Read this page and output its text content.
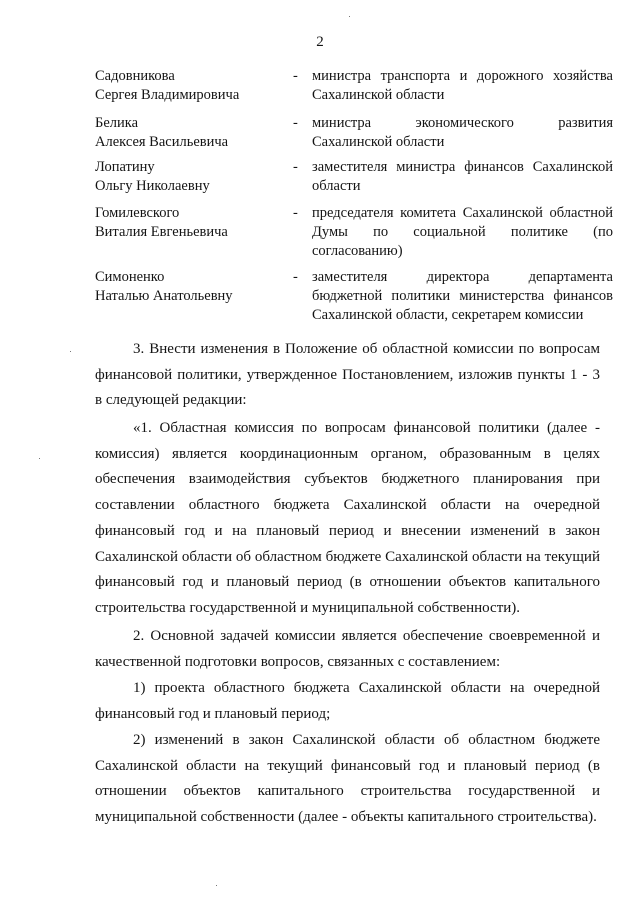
2
Садовникова
Сергея Владимировича
- министра транспорта и дорожного хозяйства Сахалинской области
Белика
Алексея Васильевича
- министра экономического развития Сахалинской области
Лопатину
Ольгу Николаевну
- заместителя министра финансов Сахалинской области
Гомилевского
Виталия Евгеньевича
- председателя комитета Сахалинской областной Думы по социальной политике (по согласованию)
Симоненко
Наталью Анатольевну
- заместителя директора департамента бюджетной политики министерства финансов Сахалинской области, секретарем комиссии

3. Внести изменения в Положение об областной комиссии по вопросам финансовой политики, утвержденное Постановлением, изложив пункты 1 - 3 в следующей редакции:

«1. Областная комиссия по вопросам финансовой политики (далее - комиссия) является координационным органом, образованным в целях обеспечения взаимодействия субъектов бюджетного планирования при составлении областного бюджета Сахалинской области на очередной финансовый год и на плановый период и внесении изменений в закон Сахалинской области об областном бюджете Сахалинской области на текущий финансовый год и плановый период (в отношении объектов капитального строительства государственной и муниципальной собственности).

2. Основной задачей комиссии является обеспечение своевременной и качественной подготовки вопросов, связанных с составлением:

1) проекта областного бюджета Сахалинской области на очередной финансовый год и плановый период;

2) изменений в закон Сахалинской области об областном бюджете Сахалинской области на текущий финансовый год и плановый период (в отношении объектов капитального строительства государственной и муниципальной собственности (далее - объекты капитального строительства).
